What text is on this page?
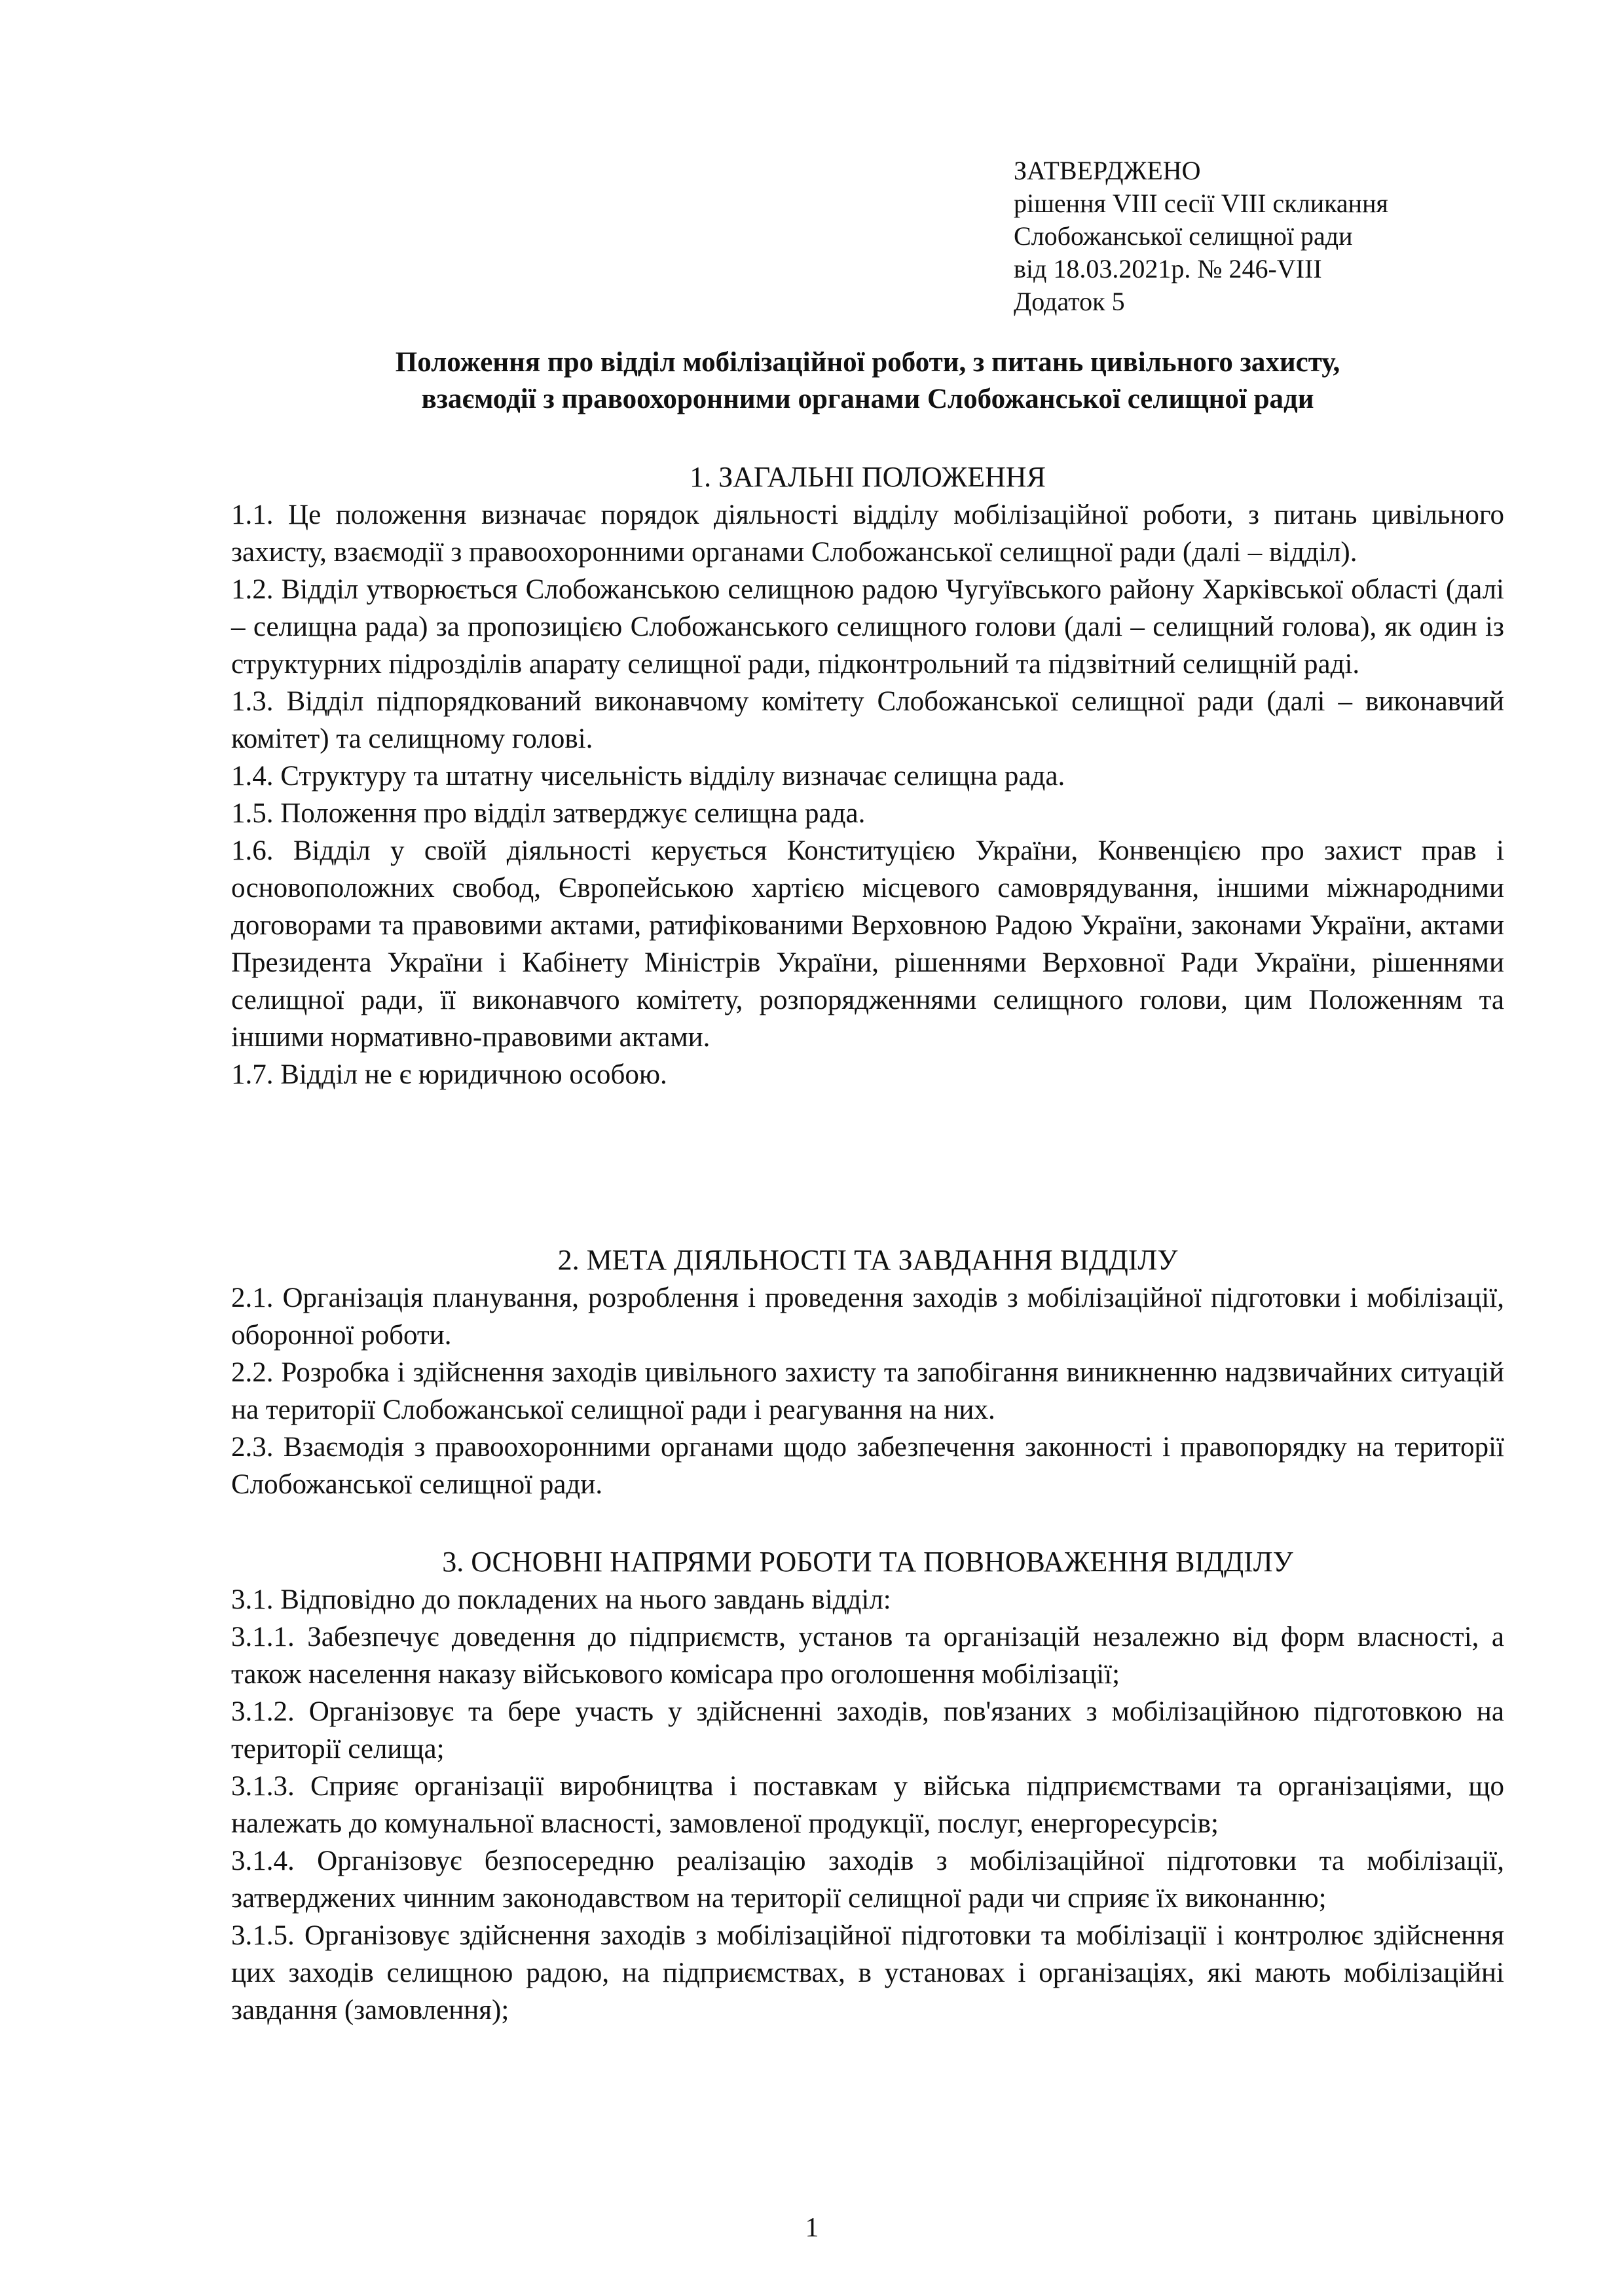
ЗАТВЕРДЖЕНО
рішення VIII сесії VIII скликання
Слобожанської селищної ради
від 18.03.2021р. № 246-VIII
Додаток 5
Положення про відділ мобілізаційної роботи, з питань цивільного захисту,
взаємодії з правоохоронними органами Слобожанської селищної ради
1. ЗАГАЛЬНІ ПОЛОЖЕННЯ

1.1. Це положення визначає порядок діяльності відділу мобілізаційної роботи, з питань цивільного захисту, взаємодії з правоохоронними органами Слобожанської селищної ради (далі – відділ).

1.2. Відділ утворюється Слобожанською селищною радою Чугуївського району Харківської області (далі – селищна рада) за пропозицією Слобожанського селищного голови (далі – селищний голова), як один із структурних підрозділів апарату селищної ради, підконтрольний та підзвітний селищній раді.

1.3. Відділ підпорядкований виконавчому комітету Слобожанської селищної ради (далі – виконавчий комітет) та селищному голові.

1.4. Структуру та штатну чисельність відділу визначає селищна рада.

1.5. Положення про відділ затверджує селищна рада.

1.6. Відділ у своїй діяльності керується Конституцією України, Конвенцією про захист прав і основоположних свобод, Європейською хартією місцевого самоврядування, іншими міжнародними договорами та правовими актами, ратифікованими Верховною Радою України, законами України, актами Президента України і Кабінету Міністрів України, рішеннями Верховної Ради України, рішеннями селищної ради, її виконавчого комітету, розпорядженнями селищного голови, цим Положенням та іншими нормативно-правовими актами.

1.7. Відділ не є юридичною особою.

2. МЕТА ДІЯЛЬНОСТІ ТА ЗАВДАННЯ ВІДДІЛУ

2.1. Організація планування, розроблення і проведення заходів з мобілізаційної підготовки і мобілізації, оборонної роботи.

2.2. Розробка і здійснення заходів цивільного захисту та запобігання виникненню надзвичайних ситуацій на території Слобожанської селищної ради і реагування на них.

2.3. Взаємодія з правоохоронними органами щодо забезпечення законності і правопорядку на території Слобожанської селищної ради.

3. ОСНОВНІ НАПРЯМИ РОБОТИ ТА ПОВНОВАЖЕННЯ ВІДДІЛУ

3.1. Відповідно до покладених на нього завдань відділ:

3.1.1. Забезпечує доведення до підприємств, установ та організацій незалежно від форм власності, а також населення наказу військового комісара про оголошення мобілізації;

3.1.2. Організовує та бере участь у здійсненні заходів, пов'язаних з мобілізаційною підготовкою на території селища;

3.1.3. Сприяє організації виробництва і поставкам у війська підприємствами та організаціями, що належать до комунальної власності, замовленої продукції, послуг, енергоресурсів;

3.1.4. Організовує безпосередню реалізацію заходів з мобілізаційної підготовки та мобілізації, затверджених чинним законодавством на території селищної ради чи сприяє їх виконанню;

3.1.5. Організовує здійснення заходів з мобілізаційної підготовки та мобілізації і контролює здійснення цих заходів селищною радою, на підприємствах, в установах і організаціях, які мають мобілізаційні завдання (замовлення);

1
